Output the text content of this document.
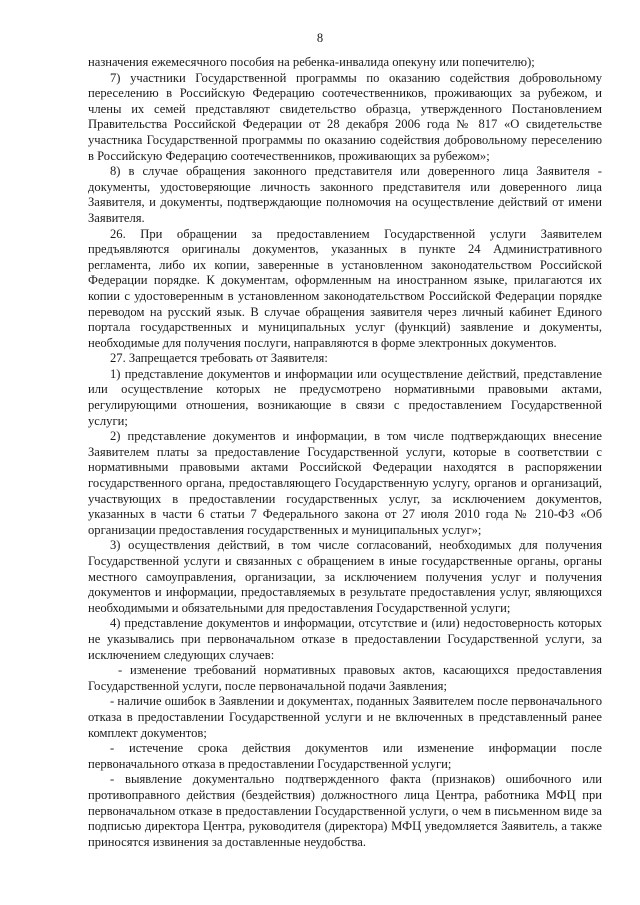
8

назначения ежемесячного пособия на ребенка-инвалида опекуну или попечителю);

7) участники Государственной программы по оказанию содействия добровольному переселению в Российскую Федерацию соотечественников, проживающих за рубежом, и члены их семей представляют свидетельство образца, утвержденного Постановлением Правительства Российской Федерации от 28 декабря 2006 года № 817 «О свидетельстве участника Государственной программы по оказанию содействия добровольному переселению в Российскую Федерацию соотечественников, проживающих за рубежом»;

8) в случае обращения законного представителя или доверенного лица Заявителя - документы, удостоверяющие личность законного представителя или доверенного лица Заявителя, и документы, подтверждающие полномочия на осуществление действий от имени Заявителя.

26. При обращении за предоставлением Государственной услуги Заявителем предъявляются оригиналы документов, указанных в пункте 24 Административного регламента, либо их копии, заверенные в установленном законодательством Российской Федерации порядке. К документам, оформленным на иностранном языке, прилагаются их копии с удостоверенным в установленном законодательством Российской Федерации порядке переводом на русский язык. В случае обращения заявителя через личный кабинет Единого портала государственных и муниципальных услуг (функций) заявление и документы, необходимые для получения послуги, направляются в форме электронных документов.

27. Запрещается требовать от Заявителя:

1) представление документов и информации или осуществление действий, представление или осуществление которых не предусмотрено нормативными правовыми актами, регулирующими отношения, возникающие в связи с предоставлением Государственной услуги;

2) представление документов и информации, в том числе подтверждающих внесение Заявителем платы за предоставление Государственной услуги, которые в соответствии с нормативными правовыми актами Российской Федерации находятся в распоряжении государственного органа, предоставляющего Государственную услугу, органов и организаций, участвующих в предоставлении государственных услуг, за исключением документов, указанных в части 6 статьи 7 Федерального закона от 27 июля 2010 года № 210-ФЗ «Об организации предоставления государственных и муниципальных услуг»;

3) осуществления действий, в том числе согласований, необходимых для получения Государственной услуги и связанных с обращением в иные государственные органы, органы местного самоуправления, организации, за исключением получения услуг и получения документов и информации, предоставляемых в результате предоставления услуг, являющихся необходимыми и обязательными для предоставления Государственной услуги;

4) представление документов и информации, отсутствие и (или) недостоверность которых не указывались при первоначальном отказе в предоставлении Государственной услуги, за исключением следующих случаев:

- изменение требований нормативных правовых актов, касающихся предоставления Государственной услуги, после первоначальной подачи Заявления;

- наличие ошибок в Заявлении и документах, поданных Заявителем после первоначального отказа в предоставлении Государственной услуги и не включенных в представленный ранее комплект документов;

- истечение срока действия документов или изменение информации после первоначального отказа в предоставлении Государственной услуги;

- выявление документально подтвержденного факта (признаков) ошибочного или противоправного действия (бездействия) должностного лица Центра, работника МФЦ при первоначальном отказе в предоставлении Государственной услуги, о чем в письменном виде за подписью директора Центра, руководителя (директора) МФЦ уведомляется Заявитель, а также приносятся извинения за доставленные неудобства.
